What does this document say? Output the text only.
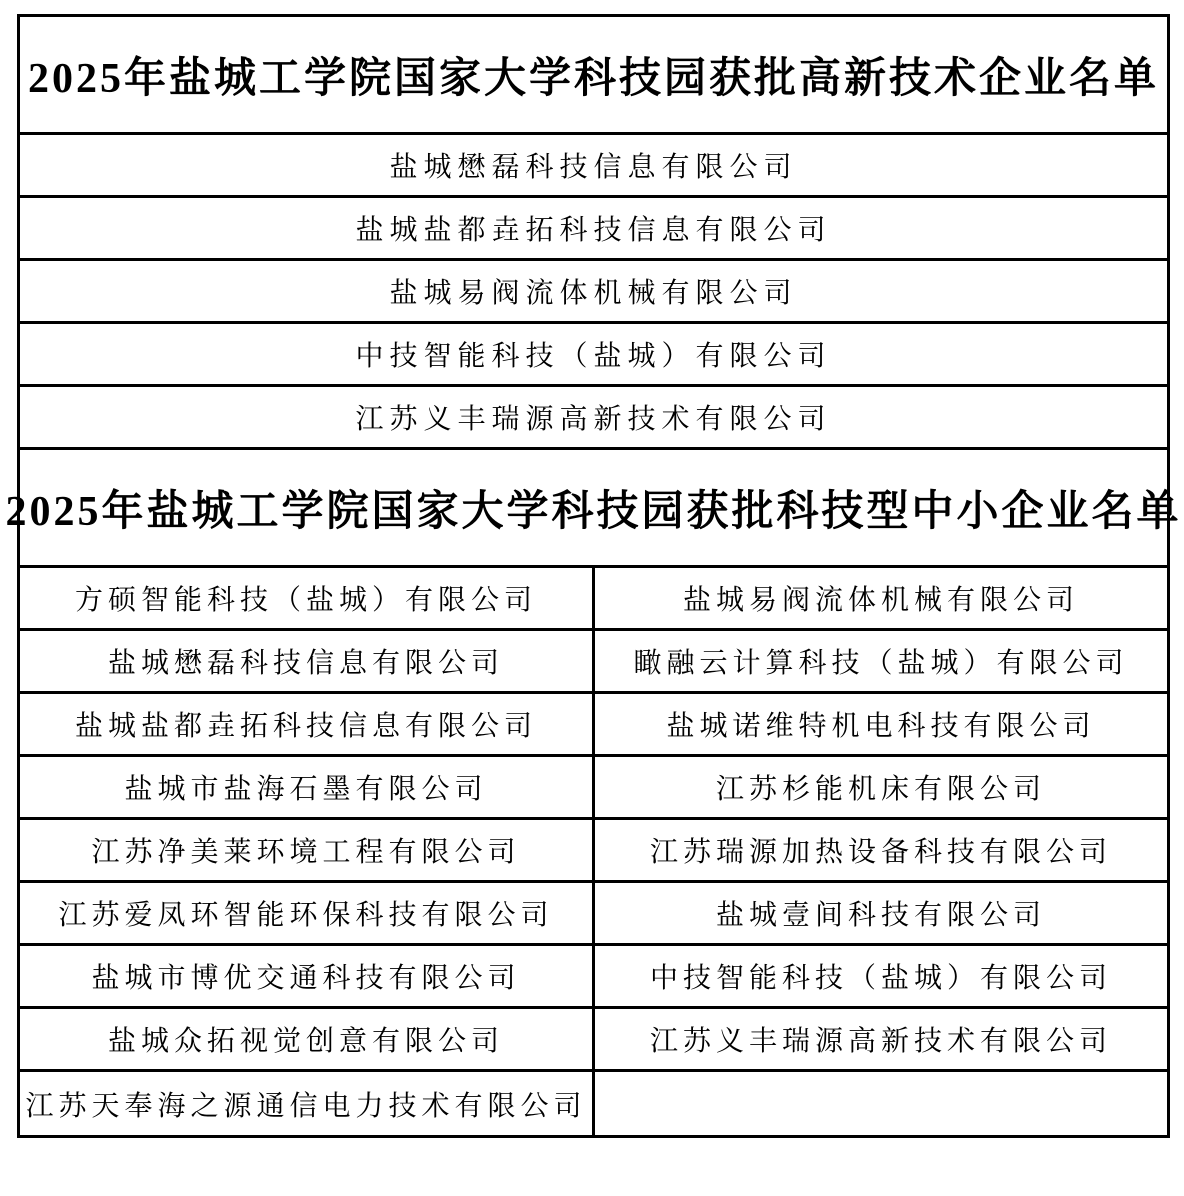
2025年盐城工学院国家大学科技园获批高新技术企业名单
盐城懋磊科技信息有限公司
盐城盐都垚拓科技信息有限公司
盐城易阀流体机械有限公司
中技智能科技（盐城）有限公司
江苏义丰瑞源高新技术有限公司
2025年盐城工学院国家大学科技园获批科技型中小企业名单
方硕智能科技（盐城）有限公司	盐城易阀流体机械有限公司
盐城懋磊科技信息有限公司	瞰融云计算科技（盐城）有限公司
盐城盐都垚拓科技信息有限公司	盐城诺维特机电科技有限公司
盐城市盐海石墨有限公司	江苏杉能机床有限公司
江苏净美莱环境工程有限公司	江苏瑞源加热设备科技有限公司
江苏爱凤环智能环保科技有限公司	盐城壹间科技有限公司
盐城市博优交通科技有限公司	中技智能科技（盐城）有限公司
盐城众拓视觉创意有限公司	江苏义丰瑞源高新技术有限公司
江苏天奉海之源通信电力技术有限公司
